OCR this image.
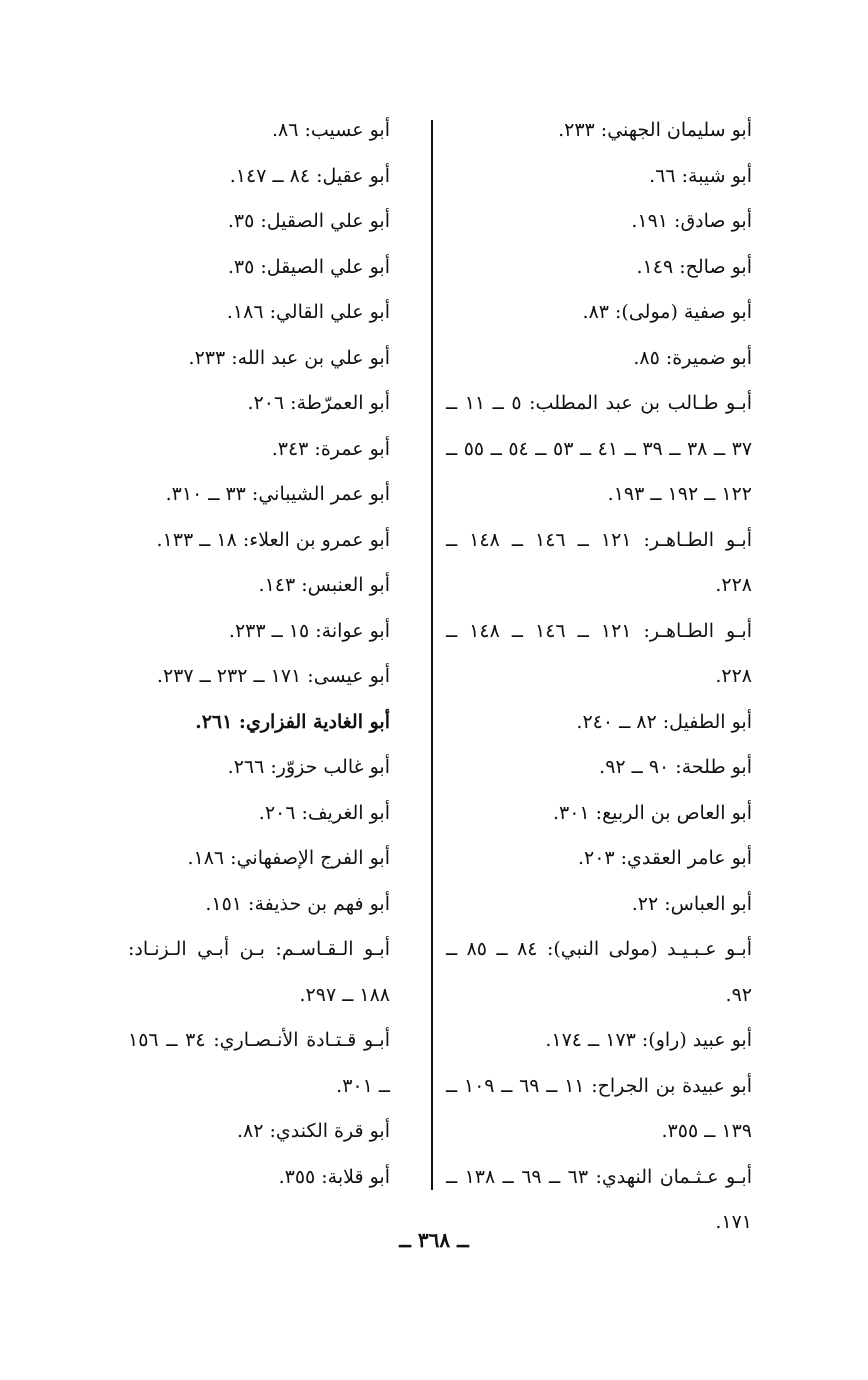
أبو سليمان الجهني: ٢٣٣.

أبو شيبة: ٦٦.

أبو صادق: ١٩١.

أبو صالح: ١٤٩.

أبو صفية (مولى): ٨٣.

أبو ضميرة: ٨٥.

أبـو طـالب بن عبد المطلب: ٥ ــ ١١ ــ ٣٧ ــ ٣٨ ــ ٣٩ ــ ٤١ ــ ٥٣ ــ ٥٤ ــ ٥٥ ــ ١٢٢ ــ ١٩٢ ــ ١٩٣.

أبـو الطـاهـر: ١٢١ ــ ١٤٦ ــ ١٤٨ ــ ٢٢٨.

أبـو الطـاهـر: ١٢١ ــ ١٤٦ ــ ١٤٨ ــ ٢٢٨.

أبو الطفيل: ٨٢ ــ ٢٤٠.

أبو طلحة: ٩٠ ــ ٩٢.

أبو العاص بن الربيع: ٣٠١.

أبو عامر العقدي: ٢٠٣.

أبو العباس: ٢٢.

أبـو عـبـيـد (مولى النبي): ٨٤ ــ ٨٥ ــ ٩٢.

أبو عبيد (راو): ١٧٣ ــ ١٧٤.

أبو عبيدة بن الجراح: ١١ ــ ٦٩ ــ ١٠٩ ــ ١٣٩ ــ ٣٥٥.

أبـو عـثـمان النهدي: ٦٣ ــ ٦٩ ــ ١٣٨ ــ ١٧١.

أبو عسيب: ٨٦.

أبو عقيل: ٨٤ ــ ١٤٧.

أبو علي الصقيل: ٣٥.

أبو علي الصيقل: ٣٥.

أبو علي القالي: ١٨٦.

أبو علي بن عبد الله: ٢٣٣.

أبو العمرّطة: ٢٠٦.

أبو عمرة: ٣٤٣.

أبو عمر الشيباني: ٣٣ ــ ٣١٠.

أبو عمرو بن العلاء: ١٨ ــ ١٣٣.

أبو العنبس: ١٤٣.

أبو عوانة: ١٥ ــ ٢٣٣.

أبو عيسى: ١٧١ ــ ٢٣٢ ــ ٢٣٧.

أبو الغادية الفزاري: ٢٦١.

أبو غالب حزوّر: ٢٦٦.

أبو الغريف: ٢٠٦.

أبو الفرج الإصفهاني: ١٨٦.

أبو فهم بن حذيفة: ١٥١.

أبـو الـقـاسـم: بـن أبـي الـزنـاد: ١٨٨ ــ ٢٩٧.

أبـو قـتـادة الأنـصـاري: ٣٤ ــ ١٥٦ ــ ٣٠١.

أبو قرة الكندي: ٨٢.

أبو قلابة: ٣٥٥.

ــ ٣٦٨ ــ
